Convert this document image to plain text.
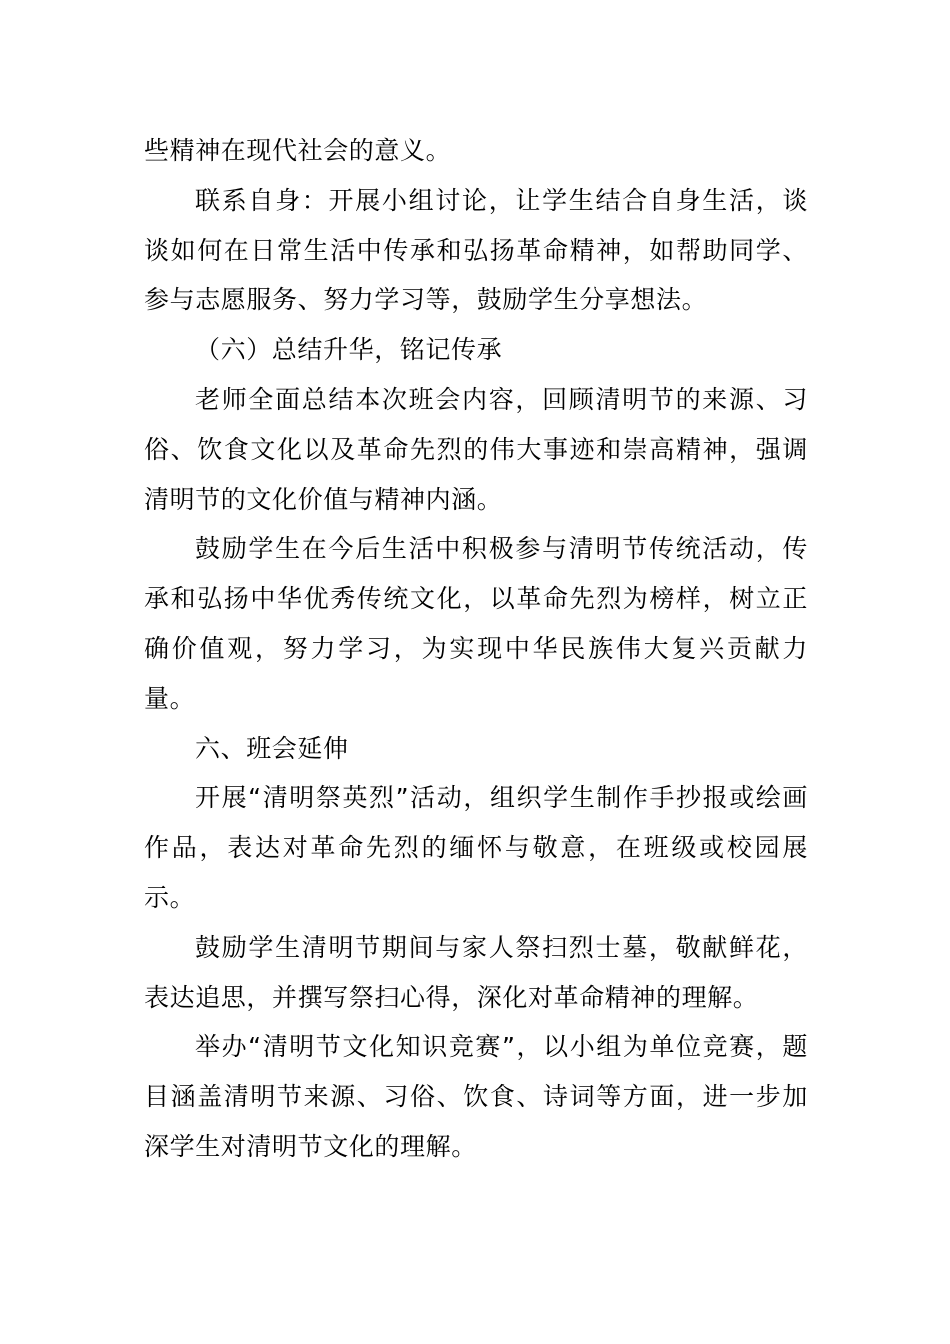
些精神在现代社会的意义。

联系自身：开展小组讨论，让学生结合自身生活，谈谈如何在日常生活中传承和弘扬革命精神，如帮助同学、参与志愿服务、努力学习等，鼓励学生分享想法。

（六）总结升华，铭记传承

老师全面总结本次班会内容，回顾清明节的来源、习俗、饮食文化以及革命先烈的伟大事迹和崇高精神，强调清明节的文化价值与精神内涵。

鼓励学生在今后生活中积极参与清明节传统活动，传承和弘扬中华优秀传统文化，以革命先烈为榜样，树立正确价值观，努力学习，为实现中华民族伟大复兴贡献力量。

六、班会延伸

开展“清明祭英烈”活动，组织学生制作手抄报或绘画作品，表达对革命先烈的缅怀与敬意，在班级或校园展示。

鼓励学生清明节期间与家人祭扫烈士墓，敬献鲜花，表达追思，并撰写祭扫心得，深化对革命精神的理解。

举办“清明节文化知识竞赛”，以小组为单位竞赛，题目涵盖清明节来源、习俗、饮食、诗词等方面，进一步加深学生对清明节文化的理解。
